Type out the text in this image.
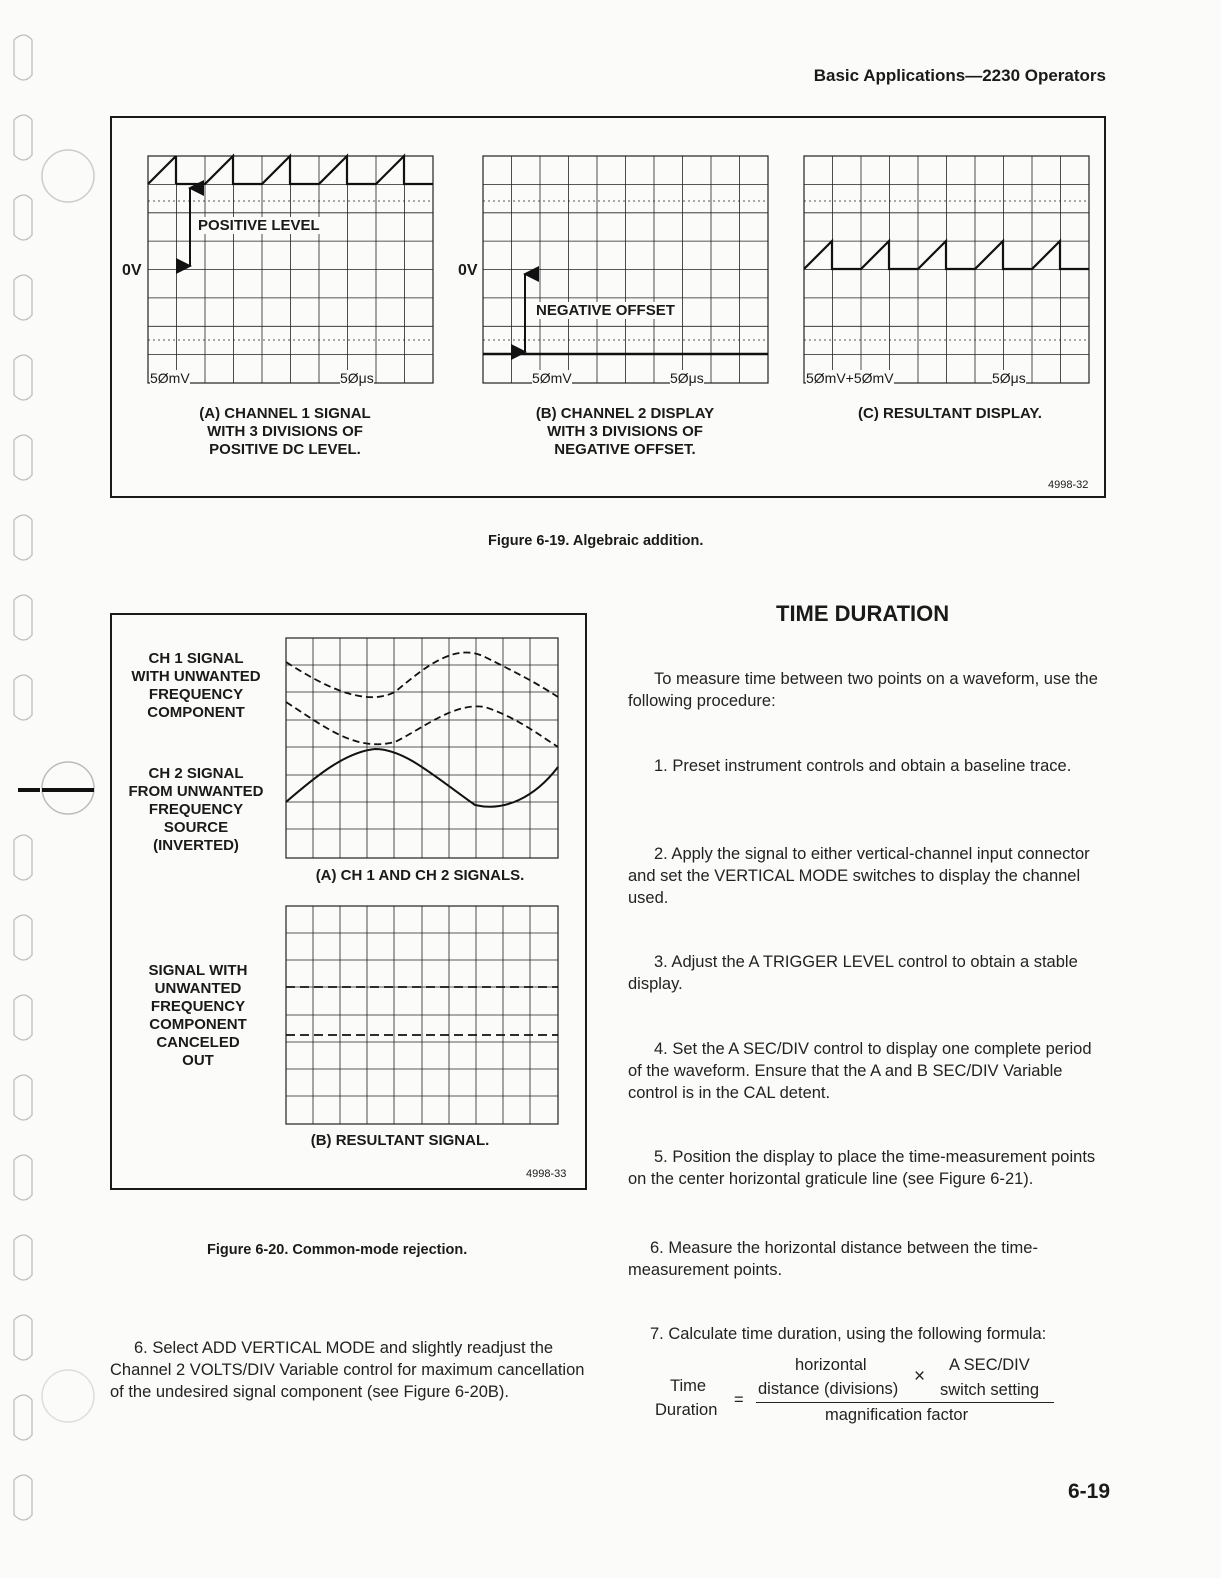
Basic Applications—2230 Operators
0V	0V
POSITIVE LEVEL
NEGATIVE OFFSET
5ØmV	5Øμs	5ØmV	5Øμs	5ØmV+5ØmV	5Øμs
(A) CHANNEL 1 SIGNAL
WITH 3 DIVISIONS OF
POSITIVE DC LEVEL.
(B) CHANNEL 2 DISPLAY
WITH 3 DIVISIONS OF
NEGATIVE OFFSET.
(C) RESULTANT DISPLAY.
4998-32
Figure 6-19. Algebraic addition.
CH 1 SIGNAL
WITH UNWANTED
FREQUENCY
COMPONENT
CH 2 SIGNAL
FROM UNWANTED
FREQUENCY
SOURCE
(INVERTED)
(A) CH 1 AND CH 2 SIGNALS.
SIGNAL WITH
UNWANTED
FREQUENCY
COMPONENT
CANCELED
OUT
(B) RESULTANT SIGNAL.
4998-33
Figure 6-20. Common-mode rejection.
6. Select ADD VERTICAL MODE and slightly readjust the Channel 2 VOLTS/DIV Variable control for maximum cancellation of the undesired signal component (see Figure 6-20B).
TIME DURATION
To measure time between two points on a waveform, use the following procedure:
1. Preset instrument controls and obtain a baseline trace.
2. Apply the signal to either vertical-channel input connector and set the VERTICAL MODE switches to display the channel used.
3. Adjust the A TRIGGER LEVEL control to obtain a stable display.
4. Set the A SEC/DIV control to display one complete period of the waveform. Ensure that the A and B SEC/DIV Variable control is in the CAL detent.
5. Position the display to place the time-measurement points on the center horizontal graticule line (see Figure 6-21).
6. Measure the horizontal distance between the time-measurement points.
7. Calculate time duration, using the following formula:
Time
Duration
=
horizontal
distance (divisions)
×
A SEC/DIV
switch setting
magnification factor
6-19
